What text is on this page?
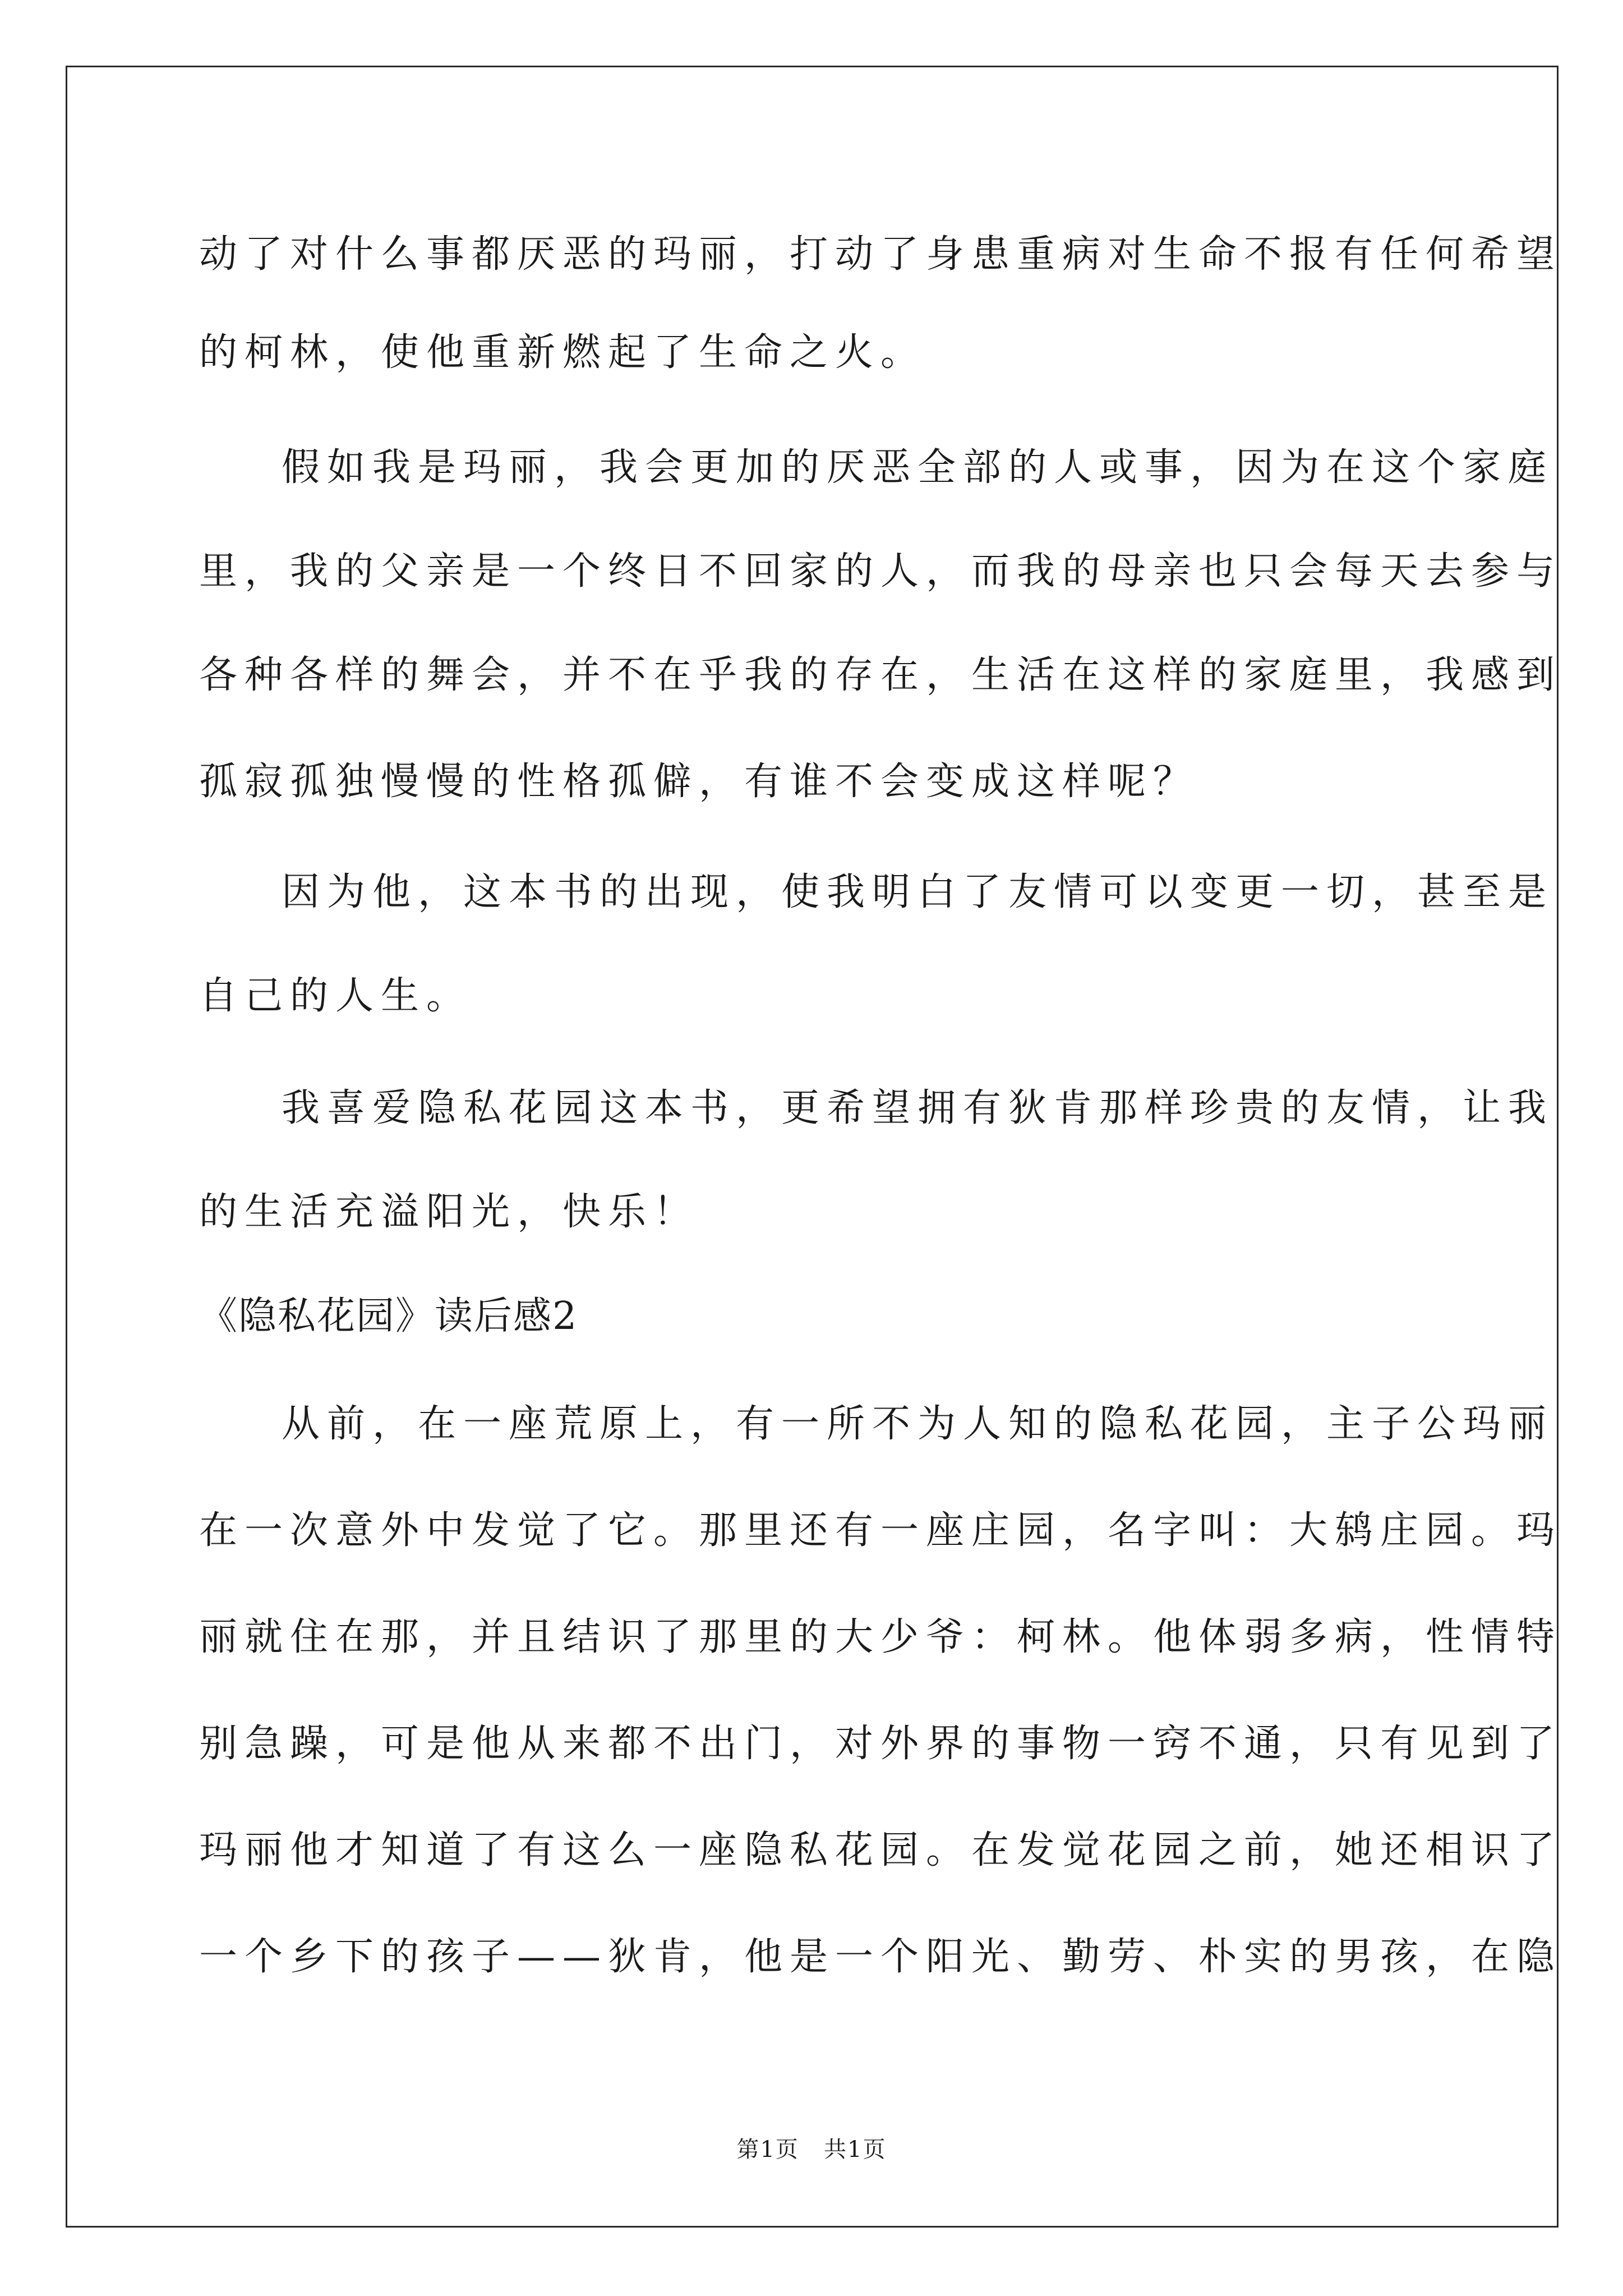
动了对什么事都厌恶的玛丽，打动了身患重病对生命不报有任何希望
的柯林，使他重新燃起了生命之火。
假如我是玛丽，我会更加的厌恶全部的人或事，因为在这个家庭
里，我的父亲是一个终日不回家的人，而我的母亲也只会每天去参与
各种各样的舞会，并不在乎我的存在，生活在这样的家庭里，我感到
孤寂孤独慢慢的性格孤僻，有谁不会变成这样呢？
因为他，这本书的出现，使我明白了友情可以变更一切，甚至是
自己的人生。
我喜爱隐私花园这本书，更希望拥有狄肯那样珍贵的友情，让我
的生活充溢阳光，快乐！
《隐私花园》读后感2
从前，在一座荒原上，有一所不为人知的隐私花园，主子公玛丽
在一次意外中发觉了它。那里还有一座庄园，名字叫：大鸫庄园。玛
丽就住在那，并且结识了那里的大少爷：柯林。他体弱多病，性情特
别急躁，可是他从来都不出门，对外界的事物一窍不通，只有见到了
玛丽他才知道了有这么一座隐私花园。在发觉花园之前，她还相识了
一个乡下的孩子——狄肯，他是一个阳光、勤劳、朴实的男孩，在隐
第1页   共1页
